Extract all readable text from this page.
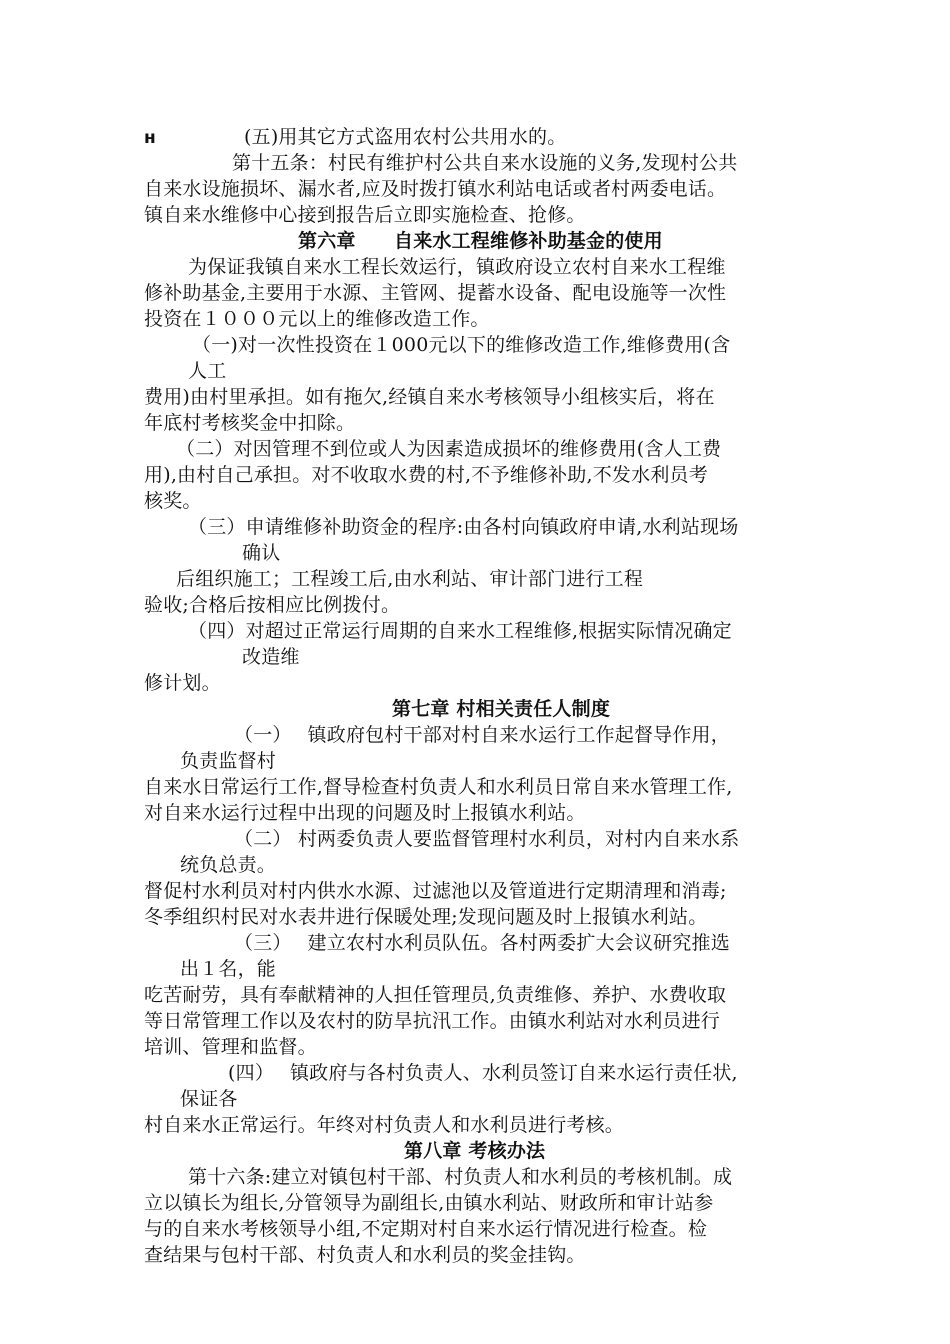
ʜ	(五)用其它方式盗用农村公共用水的。
第十五条：村民有维护村公共自来水设施的义务,发现村公共
自来水设施损坏、漏水者,应及时拨打镇水利站电话或者村两委电话。
镇自来水维修中心接到报告后立即实施检查、抢修。
第六章　　自来水工程维修补助基金的使用
为保证我镇自来水工程长效运行，镇政府设立农村自来水工程维
修补助基金,主要用于水源、主管网、提蓄水设备、配电设施等一次性
投资在１０００元以上的维修改造工作。
（一)对一次性投资在１000元以下的维修改造工作,维修费用(含
人工
费用)由村里承担。如有拖欠,经镇自来水考核领导小组核实后，将在
年底村考核奖金中扣除。
（二）对因管理不到位或人为因素造成损坏的维修费用(含人工费
用),由村自己承担。对不收取水费的村,不予维修补助,不发水利员考
核奖。
（三）申请维修补助资金的程序:由各村向镇政府申请,水利站现场
确认
后组织施工；工程竣工后,由水利站、审计部门进行工程
验收;合格后按相应比例拨付。
（四）对超过正常运行周期的自来水工程维修,根据实际情况确定
改造维
修计划。
第七章 村相关责任人制度
（一）　 镇政府包村干部对村自来水运行工作起督导作用，
负责监督村
自来水日常运行工作,督导检查村负责人和水利员日常自来水管理工作,
对自来水运行过程中出现的问题及时上报镇水利站。
（二） 村两委负责人要监督管理村水利员，对村内自来水系
统负总责。
督促村水利员对村内供水水源、过滤池以及管道进行定期清理和消毒;
冬季组织村民对水表井进行保暖处理;发现问题及时上报镇水利站。
（三）　 建立农村水利员队伍。各村两委扩大会议研究推选
出１名，能
吃苦耐劳，具有奉献精神的人担任管理员,负责维修、养护、水费收取
等日常管理工作以及农村的防旱抗汛工作。由镇水利站对水利员进行
培训、管理和监督。
(四）　 镇政府与各村负责人、水利员签订自来水运行责任状,
保证各
村自来水正常运行。年终对村负责人和水利员进行考核。
第八章 考核办法
第十六条:建立对镇包村干部、村负责人和水利员的考核机制。成
立以镇长为组长,分管领导为副组长,由镇水利站、财政所和审计站参
与的自来水考核领导小组,不定期对村自来水运行情况进行检查。检
查结果与包村干部、村负责人和水利员的奖金挂钩。
